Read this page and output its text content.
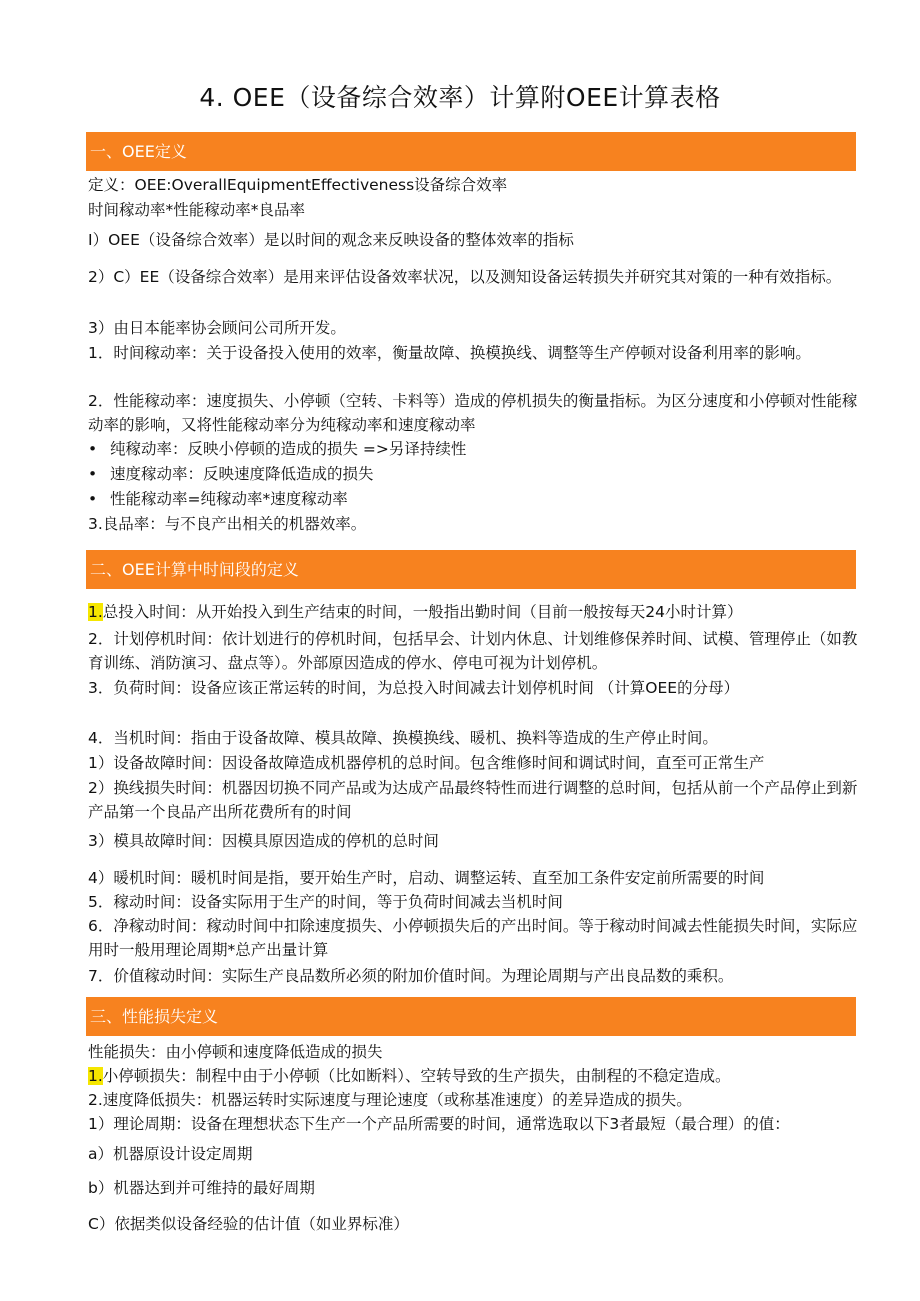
4. OEE（设备综合效率）计算附OEE计算表格
一、OEE定义
定义：OEE:OverallEquipmentEffectiveness设备综合效率
时间稼动率*性能稼动率*良品率
I）OEE（设备综合效率）是以时间的观念来反映设备的整体效率的指标
2）C）EE（设备综合效率）是用来评估设备效率状况，以及测知设备运转损失并研究其对策的一种有效指标。
3）由日本能率协会顾问公司所开发。
1．时间稼动率：关于设备投入使用的效率，衡量故障、换模换线、调整等生产停顿对设备利用率的影响。
2．性能稼动率：速度损失、小停顿（空转、卡料等）造成的停机损失的衡量指标。为区分速度和小停顿对性能稼动率的影响，又将性能稼动率分为纯稼动率和速度稼动率
• 纯稼动率：反映小停顿的造成的损失 =>另译持续性
• 速度稼动率：反映速度降低造成的损失
• 性能稼动率=纯稼动率*速度稼动率
3.良品率：与不良产出相关的机器效率。
二、OEE计算中时间段的定义
1.总投入时间：从开始投入到生产结束的时间，一般指出勤时间（目前一般按每天24小时计算）
2．计划停机时间：依计划进行的停机时间，包括早会、计划内休息、计划维修保养时间、试模、管理停止（如教育训练、消防演习、盘点等）。外部原因造成的停水、停电可视为计划停机。
3．负荷时间：设备应该正常运转的时间，为总投入时间减去计划停机时间 （计算OEE的分母）
4．当机时间：指由于设备故障、模具故障、换模换线、暖机、换料等造成的生产停止时间。
1）设备故障时间：因设备故障造成机器停机的总时间。包含维修时间和调试时间，直至可正常生产
2）换线损失时间：机器因切换不同产品或为达成产品最终特性而进行调整的总时间，包括从前一个产品停止到新产品第一个良品产出所花费所有的时间
3）模具故障时间：因模具原因造成的停机的总时间
4）暖机时间：暖机时间是指，要开始生产时，启动、调整运转、直至加工条件安定前所需要的时间
5．稼动时间：设备实际用于生产的时间，等于负荷时间减去当机时间
6．净稼动时间：稼动时间中扣除速度损失、小停顿损失后的产出时间。等于稼动时间减去性能损失时间，实际应用时一般用理论周期*总产出量计算
7．价值稼动时间：实际生产良品数所必须的附加价值时间。为理论周期与产出良品数的乘积。
三、性能损失定义
性能损失：由小停顿和速度降低造成的损失
1.小停顿损失：制程中由于小停顿（比如断料）、空转导致的生产损失，由制程的不稳定造成。
2.速度降低损失：机器运转时实际速度与理论速度（或称基准速度）的差异造成的损失。
1）理论周期：设备在理想状态下生产一个产品所需要的时间，通常选取以下3者最短（最合理）的值：
a）机器原设计设定周期
b）机器达到并可维持的最好周期
C）依据类似设备经验的估计值（如业界标准）
